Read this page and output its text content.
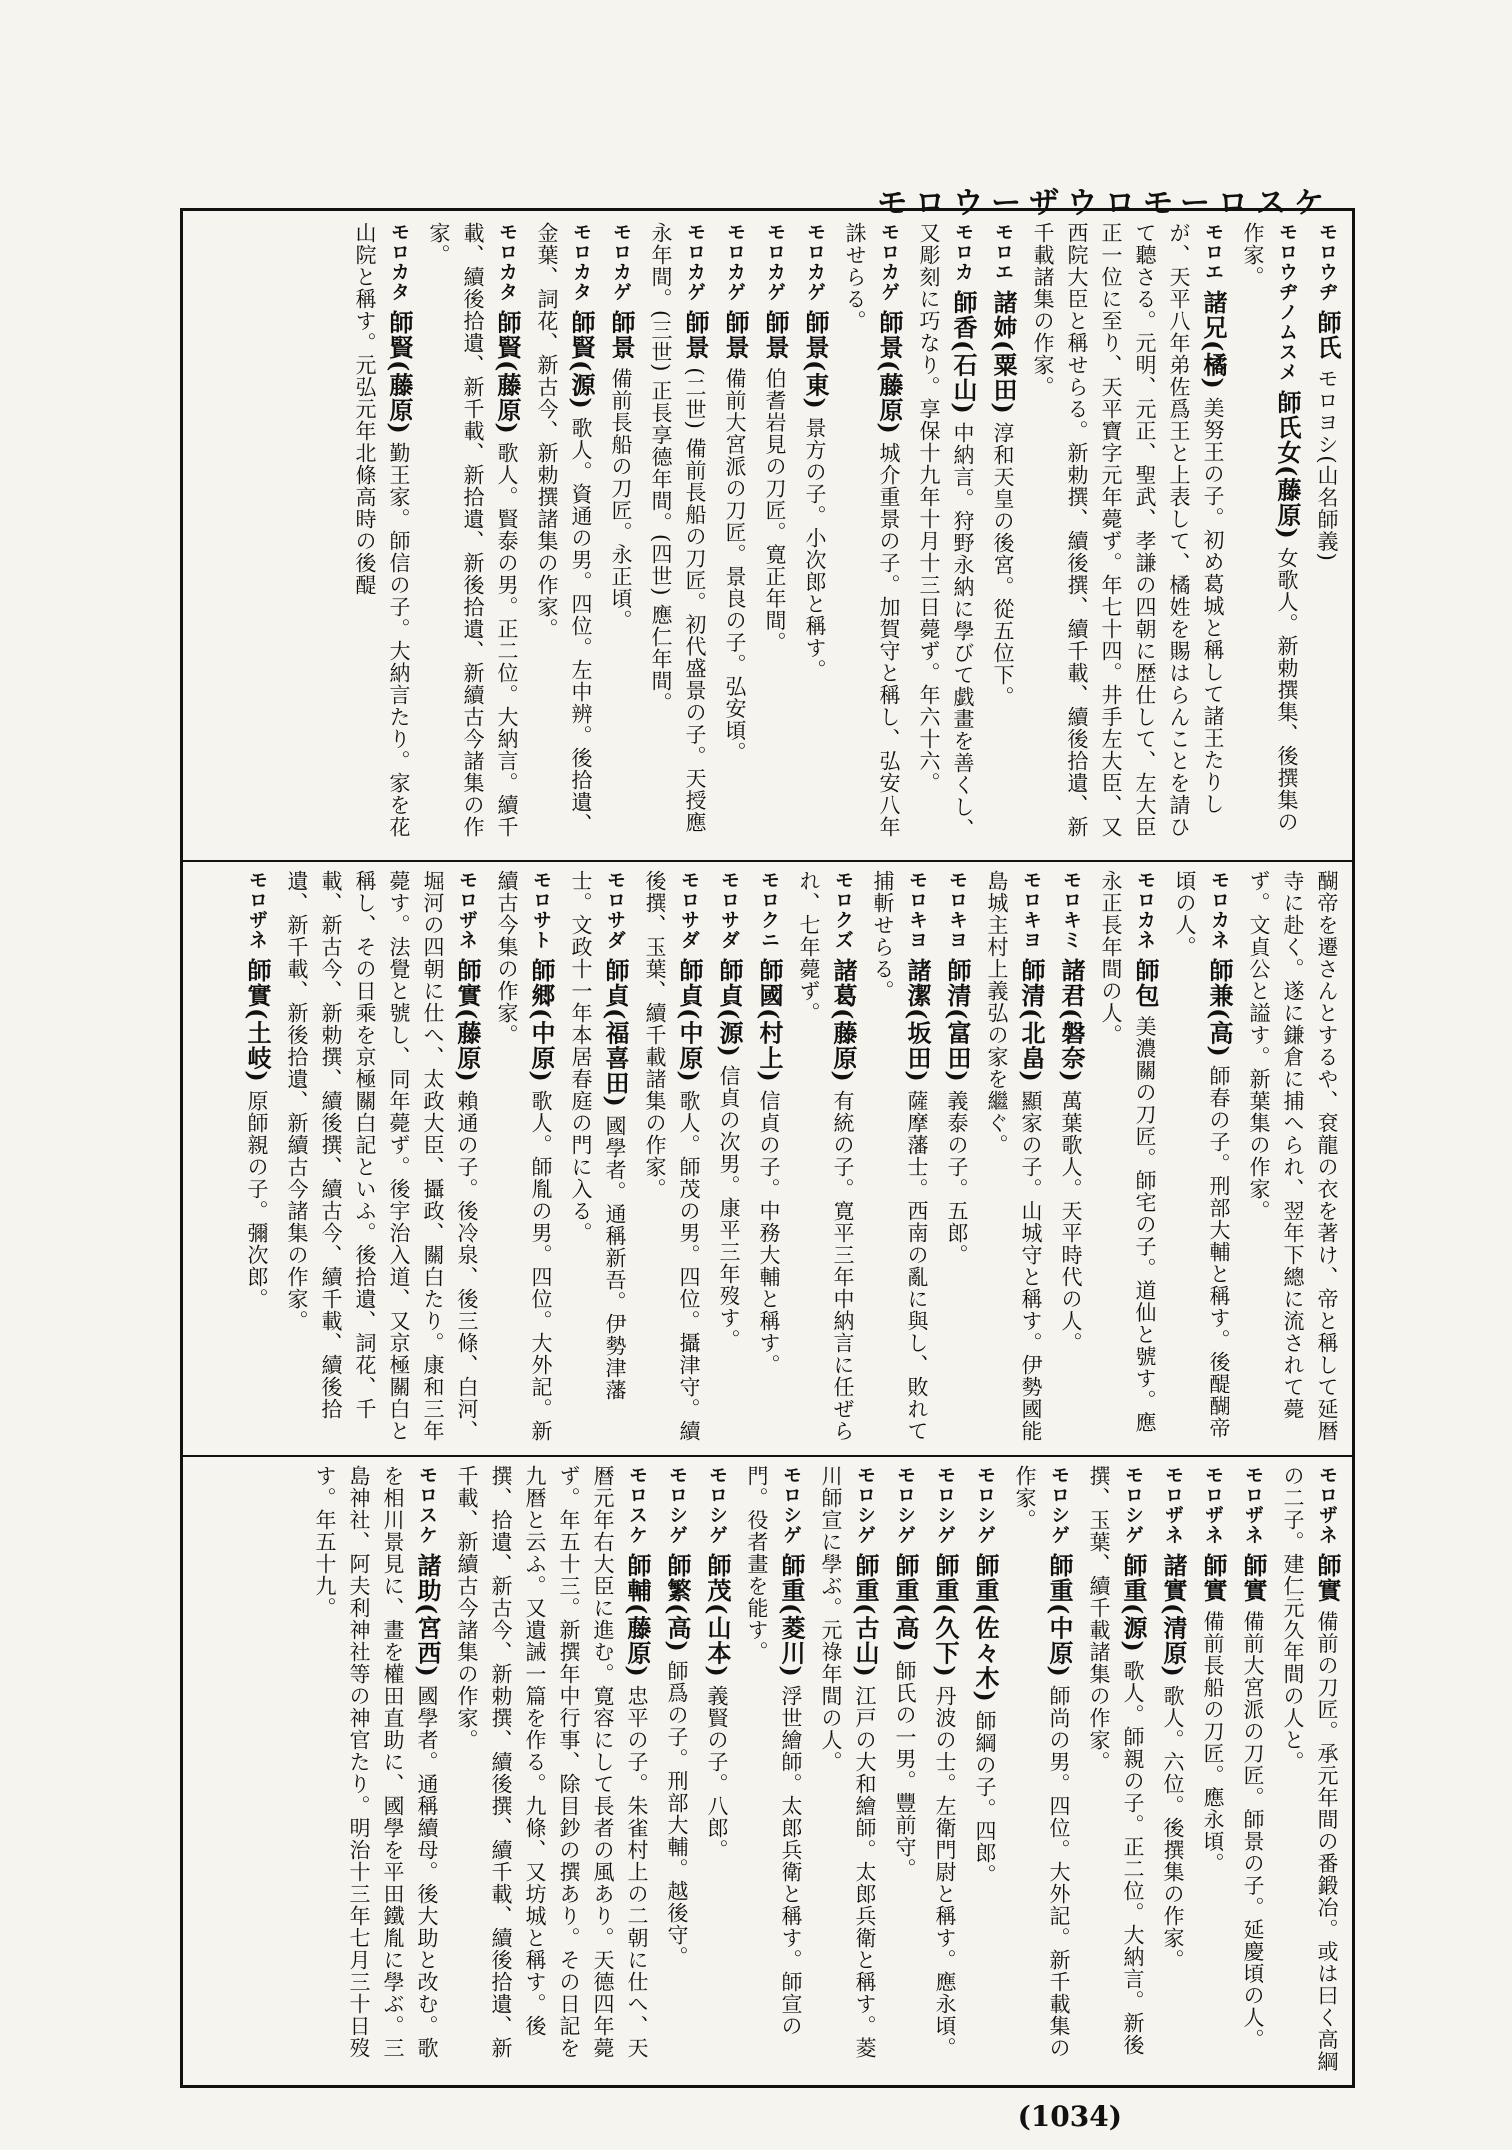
モロウーザウロモーロスケ
モロウヂ 師氏 モロヨシ(山名師義)
モロウヂノムスメ 師氏女(藤原) 女歌人。新勅撰集、後撰集の作家。
モロエ 諸兄(橘) 美努王の子。初め葛城と稱して諸王たりしが、天平八年弟佐爲王と上表して、橘姓を賜はらんことを請ひて聽さる。元明、元正、聖武、孝謙の四朝に歴仕して、左大臣正一位に至り、天平寶字元年薨ず。年七十四。井手左大臣、又西院大臣と稱せらる。新勅撰、續後撰、續千載、續後拾遺、新千載諸集の作家。
モロエ 諸姉(粟田) 淳和天皇の後宮。從五位下。
モロカ 師香(石山) 中納言。狩野永納に學びて戯畫を善くし、又彫刻に巧なり。享保十九年十月十三日薨ず。年六十六。
モロカゲ 師景(藤原) 城介重景の子。加賀守と稱し、弘安八年誅せらる。
モロカゲ 師景(東) 景方の子。小次郎と稱す。
モロカゲ 師景 伯耆岩見の刀匠。寛正年間。
モロカゲ 師景 備前大宮派の刀匠。景良の子。弘安頃。
モロカゲ 師景 (二世) 備前長船の刀匠。初代盛景の子。天授應永年間。(三世) 正長享德年間。(四世) 應仁年間。
モロカゲ 師景 備前長船の刀匠。永正頃。
モロカタ 師賢(源) 歌人。資通の男。四位。左中辨。後拾遺、金葉、詞花、新古今、新勅撰諸集の作家。
モロカタ 師賢(藤原) 歌人。賢泰の男。正二位。大納言。續千載、續後拾遺、新千載、新拾遺、新後拾遺、新續古今諸集の作家。
モロカタ 師賢(藤原) 勤王家。師信の子。大納言たり。家を花山院と稱す。元弘元年北條高時の後醍
醐帝を遷さんとするや、袞龍の衣を著け、帝と稱して延暦寺に赴く。遂に鎌倉に捕へられ、翌年下總に流されて薨ず。文貞公と謚す。新葉集の作家。
モロカネ 師兼(高) 師春の子。刑部大輔と稱す。後醍醐帝頃の人。
モロカネ 師包 美濃關の刀匠。師宅の子。道仙と號す。應永正長年間の人。
モロキミ 諸君(磐奈) 萬葉歌人。天平時代の人。
モロキヨ 師清(北畠) 顯家の子。山城守と稱す。伊勢國能島城主村上義弘の家を繼ぐ。
モロキヨ 師清(富田) 義泰の子。五郎。
モロキヨ 諸潔(坂田) 薩摩藩士。西南の亂に與し、敗れて捕斬せらる。
モロクズ 諸葛(藤原) 有統の子。寛平三年中納言に任ぜられ、七年薨ず。
モロクニ 師國(村上) 信貞の子。中務大輔と稱す。
モロサダ 師貞(源) 信貞の次男。康平三年歿す。
モロサダ 師貞(中原) 歌人。師茂の男。四位。攝津守。續後撰、玉葉、續千載諸集の作家。
モロサダ 師貞(福喜田) 國學者。通稱新吾。伊勢津藩士。文政十一年本居春庭の門に入る。
モロサト 師郷(中原) 歌人。師胤の男。四位。大外記。新續古今集の作家。
モロザネ 師實(藤原) 賴通の子。後冷泉、後三條、白河、堀河の四朝に仕へ、太政大臣、攝政、關白たり。康和三年薨す。法覺と號し、同年薨ず。後宇治入道、又京極關白と稱し、その日乘を京極關白記といふ。後拾遺、詞花、千載、新古今、新勅撰、續後撰、續古今、續千載、續後拾遺、新千載、新後拾遺、新續古今諸集の作家。
モロザネ 師實(土岐) 原師親の子。彌次郎。
モロザネ 師實 備前の刀匠。承元年間の番鍛冶。或は曰く高綱の二子。建仁元久年間の人と。
モロザネ 師實 備前大宮派の刀匠。師景の子。延慶頃の人。
モロザネ 師實 備前長船の刀匠。應永頃。
モロザネ 諸實(清原) 歌人。六位。後撰集の作家。
モロシゲ 師重(源) 歌人。師親の子。正二位。大納言。新後撰、玉葉、續千載諸集の作家。
モロシゲ 師重(中原) 師尚の男。四位。大外記。新千載集の作家。
モロシゲ 師重(佐々木) 師綱の子。四郎。
モロシゲ 師重(久下) 丹波の士。左衛門尉と稱す。應永頃。
モロシゲ 師重(高) 師氏の一男。豐前守。
モロシゲ 師重(古山) 江戸の大和繪師。太郎兵衛と稱す。菱川師宣に學ぶ。元祿年間の人。
モロシゲ 師重(菱川) 浮世繪師。太郎兵衛と稱す。師宣の門。役者畫を能す。
モロシゲ 師茂(山本) 義賢の子。八郎。
モロシゲ 師繁(高) 師爲の子。刑部大輔。越後守。
モロスケ 師輔(藤原) 忠平の子。朱雀村上の二朝に仕へ、天暦元年右大臣に進む。寛容にして長者の風あり。天德四年薨ず。年五十三。新撰年中行事、除目鈔の撰あり。その日記を九暦と云ふ。又遺誡一篇を作る。九條、又坊城と稱す。後撰、拾遺、新古今、新勅撰、續後撰、續千載、續後拾遺、新千載、新續古今諸集の作家。
モロスケ 諸助(宮西) 國學者。通稱續母。後大助と改む。歌を相川景見に、畫を權田直助に、國學を平田鐵胤に學ぶ。三島神社、阿夫利神社等の神官たり。明治十三年七月三十日歿す。年五十九。
(1034)
